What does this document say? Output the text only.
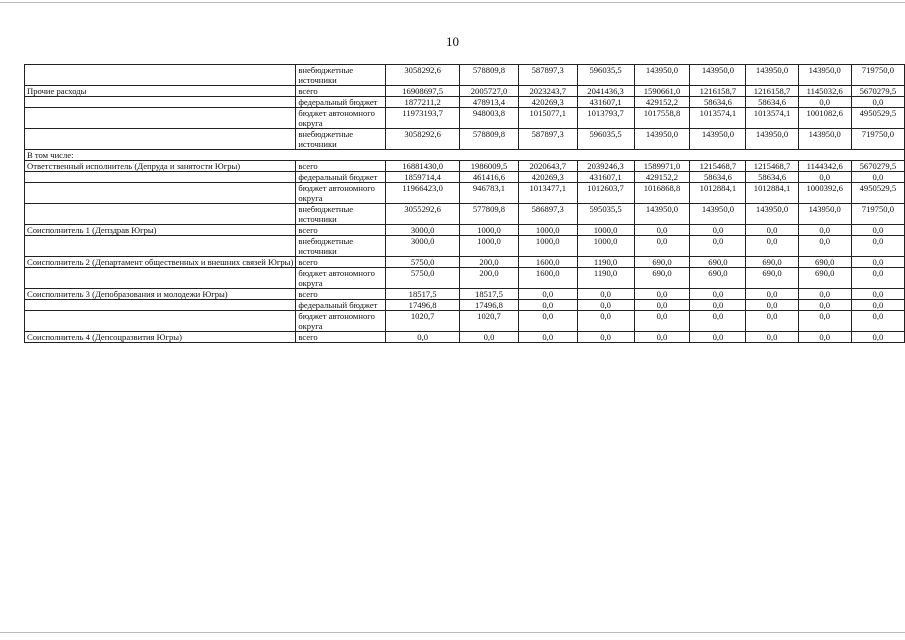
10
	внебюджетные источники	3058292,6	578809,8	587897,3	596035,5	143950,0	143950,0	143950,0	143950,0	719750,0
Прочие расходы	всего	16908697,5	2005727,0	2023243,7	2041436,3	1590661,0	1216158,7	1216158,7	1145032,6	5670279,5
	федеральный бюджет	1877211,2	478913,4	420269,3	431607,1	429152,2	58634,6	58634,6	0,0	0,0
	бюджет автономного округа	11973193,7	948003,8	1015077,1	1013793,7	1017558,8	1013574,1	1013574,1	1001082,6	4950529,5
	внебюджетные источники	3058292,6	578809,8	587897,3	596035,5	143950,0	143950,0	143950,0	143950,0	719750,0
В том числе:										
Ответственный исполнитель (Депруда и занятости Югры)	всего	16881430,0	1986009,5	2020643,7	2039246,3	1589971,0	1215468,7	1215468,7	1144342,6	5670279,5
	федеральный бюджет	1859714,4	461416,6	420269,3	431607,1	429152,2	58634,6	58634,6	0,0	0,0
	бюджет автономного округа	11966423,0	946783,1	1013477,1	1012603,7	1016868,8	1012884,1	1012884,1	1000392,6	4950529,5
	внебюджетные источники	3055292,6	577809,8	586897,3	595035,5	143950,0	143950,0	143950,0	143950,0	719750,0
Соисполнитель 1 (Депздрав Югры)	всего	3000,0	1000,0	1000,0	1000,0	0,0	0,0	0,0	0,0	0,0
	внебюджетные источники	3000,0	1000,0	1000,0	1000,0	0,0	0,0	0,0	0,0	0,0
Соисполнитель 2 (Департамент общественных и внешних связей Югры)	всего	5750,0	200,0	1600,0	1190,0	690,0	690,0	690,0	690,0	0,0
	бюджет автономного округа	5750,0	200,0	1600,0	1190,0	690,0	690,0	690,0	690,0	0,0
Соисполнитель 3 (Депобразования и молодежи Югры)	всего	18517,5	18517,5	0,0	0,0	0,0	0,0	0,0	0,0	0,0
	федеральный бюджет	17496,8	17496,8	0,0	0,0	0,0	0,0	0,0	0,0	0,0
	бюджет автономного округа	1020,7	1020,7	0,0	0,0	0,0	0,0	0,0	0,0	0,0
Соисполнитель 4 (Депсоцразвития Югры)	всего	0,0	0,0	0,0	0,0	0,0	0,0	0,0	0,0	0,0
